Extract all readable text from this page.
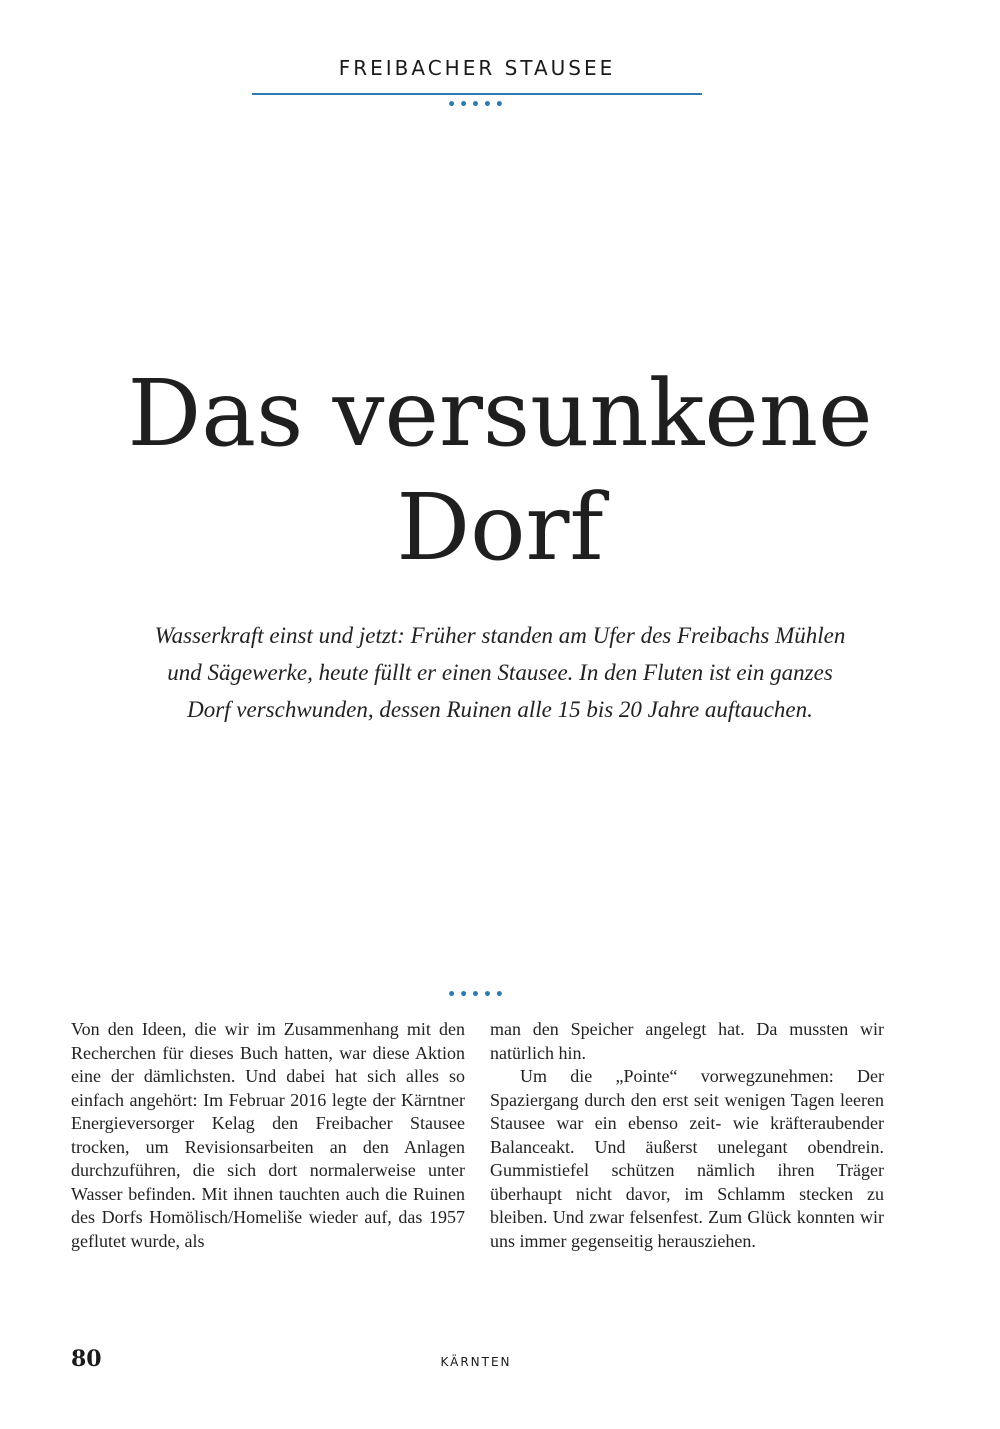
FREIBACHER STAUSEE
•••••
Das versunkene
Dorf

Wasserkraft einst und jetzt: Früher standen am Ufer des Freibachs Mühlen
und Sägewerke, heute füllt er einen Stausee. In den Fluten ist ein ganzes
Dorf verschwunden, dessen Ruinen alle 15 bis 20 Jahre auftauchen.

•••••

Von den Ideen, die wir im Zusammenhang mit den Recherchen für dieses Buch hatten, war diese Aktion eine der dämlichsten. Und dabei hat sich alles so einfach angehört: Im Februar 2016 legte der Kärntner Energieversorger Kelag den Freibacher Stausee trocken, um Revisionsarbeiten an den Anlagen durchzuführen, die sich dort normalerweise unter Wasser befinden. Mit ihnen tauchten auch die Ruinen des Dorfs Homölisch/Homeliše wieder auf, das 1957 geflutet wurde, als

man den Speicher angelegt hat. Da mussten wir natürlich hin.

Um die „Pointe“ vorwegzunehmen: Der Spaziergang durch den erst seit wenigen Tagen leeren Stausee war ein ebenso zeit- wie kräfteraubender Balanceakt. Und äußerst unelegant obendrein. Gummistiefel schützen nämlich ihren Träger überhaupt nicht davor, im Schlamm stecken zu bleiben. Und zwar felsenfest. Zum Glück konnten wir uns immer gegenseitig herausziehen.

80	KÄRNTEN
